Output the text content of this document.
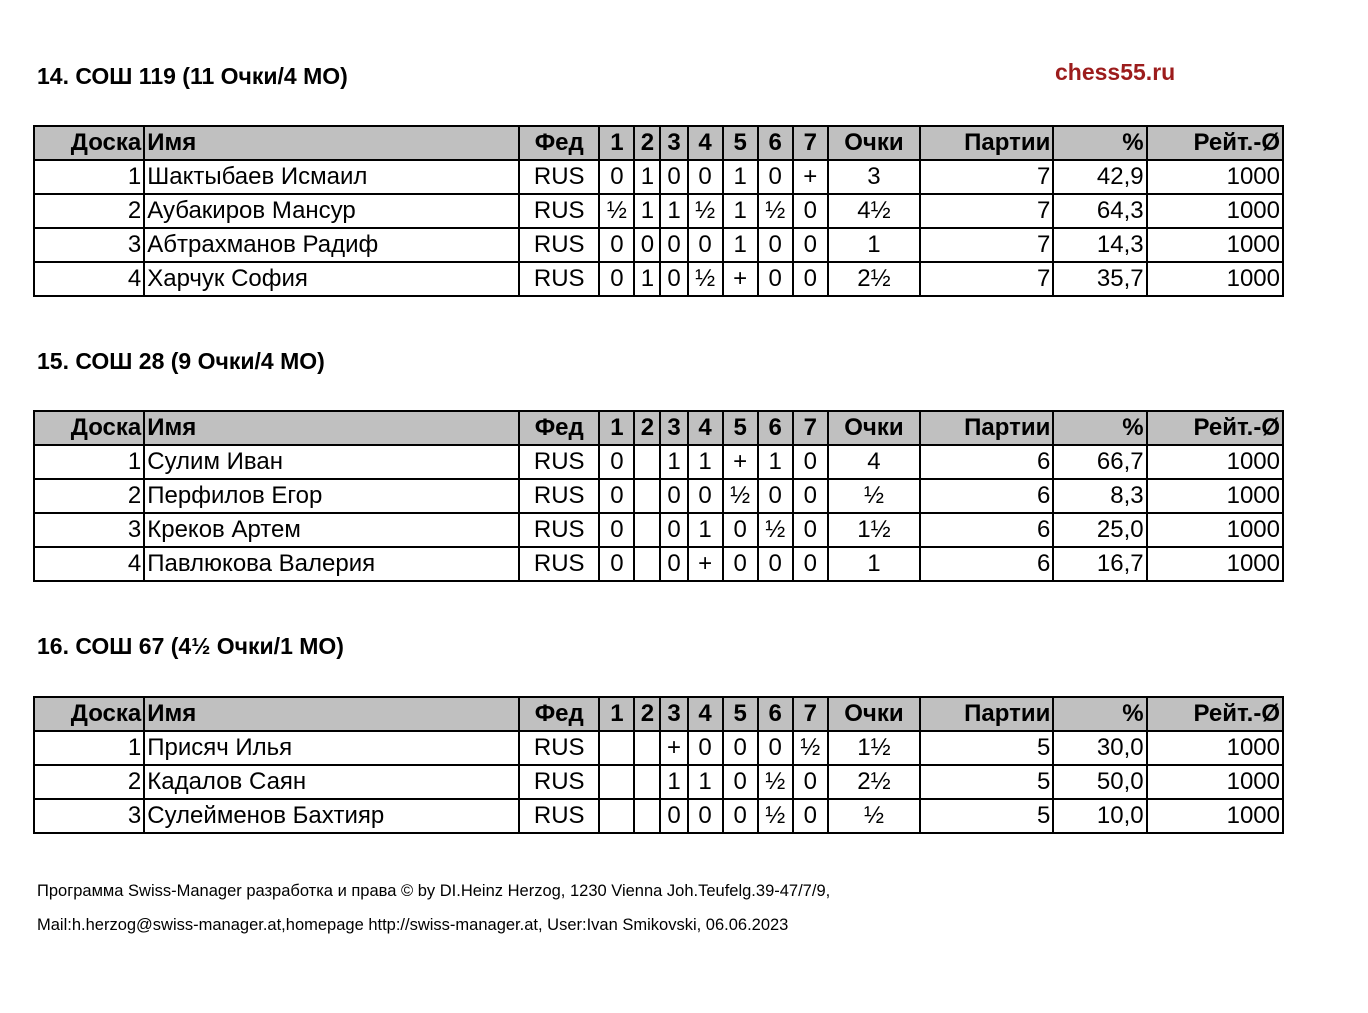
chess55.ru
14. СОШ 119 (11 Очки/4 МО)
Доска	Имя	Фед	1	2	3	4	5	6	7	Очки	Партии	%	Рейт.-Ø
1	Шактыбаев Исмаил	RUS	0	1	0	0	1	0	+	3	7	42,9	1000
2	Аубакиров Мансур	RUS	½	1	1	½	1	½	0	4½	7	64,3	1000
3	Абтрахманов Радиф	RUS	0	0	0	0	1	0	0	1	7	14,3	1000
4	Харчук София	RUS	0	1	0	½	+	0	0	2½	7	35,7	1000
15. СОШ 28 (9 Очки/4 МО)
Доска	Имя	Фед	1	2	3	4	5	6	7	Очки	Партии	%	Рейт.-Ø
1	Сулим Иван	RUS	0		1	1	+	1	0	4	6	66,7	1000
2	Перфилов Егор	RUS	0		0	0	½	0	0	½	6	8,3	1000
3	Креков Артем	RUS	0		0	1	0	½	0	1½	6	25,0	1000
4	Павлюкова Валерия	RUS	0		0	+	0	0	0	1	6	16,7	1000
16. СОШ 67 (4½ Очки/1 МО)
Доска	Имя	Фед	1	2	3	4	5	6	7	Очки	Партии	%	Рейт.-Ø
1	Присяч Илья	RUS			+	0	0	0	½	1½	5	30,0	1000
2	Кадалов Саян	RUS			1	1	0	½	0	2½	5	50,0	1000
3	Сулейменов Бахтияр	RUS			0	0	0	½	0	½	5	10,0	1000
Программа Swiss-Manager разработка и права © by DI.Heinz Herzog, 1230 Vienna Joh.Teufelg.39-47/7/9,
Mail:h.herzog@swiss-manager.at,homepage http://swiss-manager.at, User:Ivan Smikovski, 06.06.2023
